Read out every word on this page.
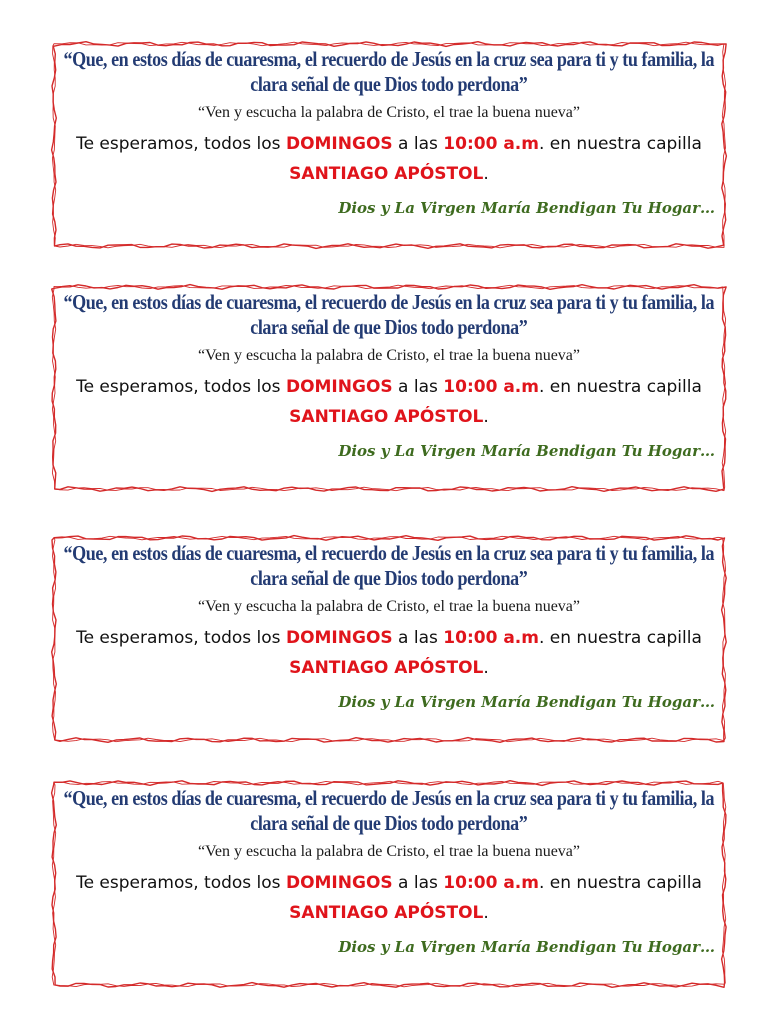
“Que, en estos días de cuaresma, el recuerdo de Jesús en la cruz sea para ti y tu familia, la clara señal de que Dios todo perdona”
“Ven y escucha la palabra de Cristo, el trae la buena nueva”
Te esperamos, todos los DOMINGOS a las 10:00 a.m. en nuestra capilla SANTIAGO APÓSTOL.
Dios y La Virgen María Bendigan Tu Hogar…
“Que, en estos días de cuaresma, el recuerdo de Jesús en la cruz sea para ti y tu familia, la clara señal de que Dios todo perdona”
“Ven y escucha la palabra de Cristo, el trae la buena nueva”
Te esperamos, todos los DOMINGOS a las 10:00 a.m. en nuestra capilla SANTIAGO APÓSTOL.
Dios y La Virgen María Bendigan Tu Hogar…
“Que, en estos días de cuaresma, el recuerdo de Jesús en la cruz sea para ti y tu familia, la clara señal de que Dios todo perdona”
“Ven y escucha la palabra de Cristo, el trae la buena nueva”
Te esperamos, todos los DOMINGOS a las 10:00 a.m. en nuestra capilla SANTIAGO APÓSTOL.
Dios y La Virgen María Bendigan Tu Hogar…
“Que, en estos días de cuaresma, el recuerdo de Jesús en la cruz sea para ti y tu familia, la clara señal de que Dios todo perdona”
“Ven y escucha la palabra de Cristo, el trae la buena nueva”
Te esperamos, todos los DOMINGOS a las 10:00 a.m. en nuestra capilla SANTIAGO APÓSTOL.
Dios y La Virgen María Bendigan Tu Hogar…
